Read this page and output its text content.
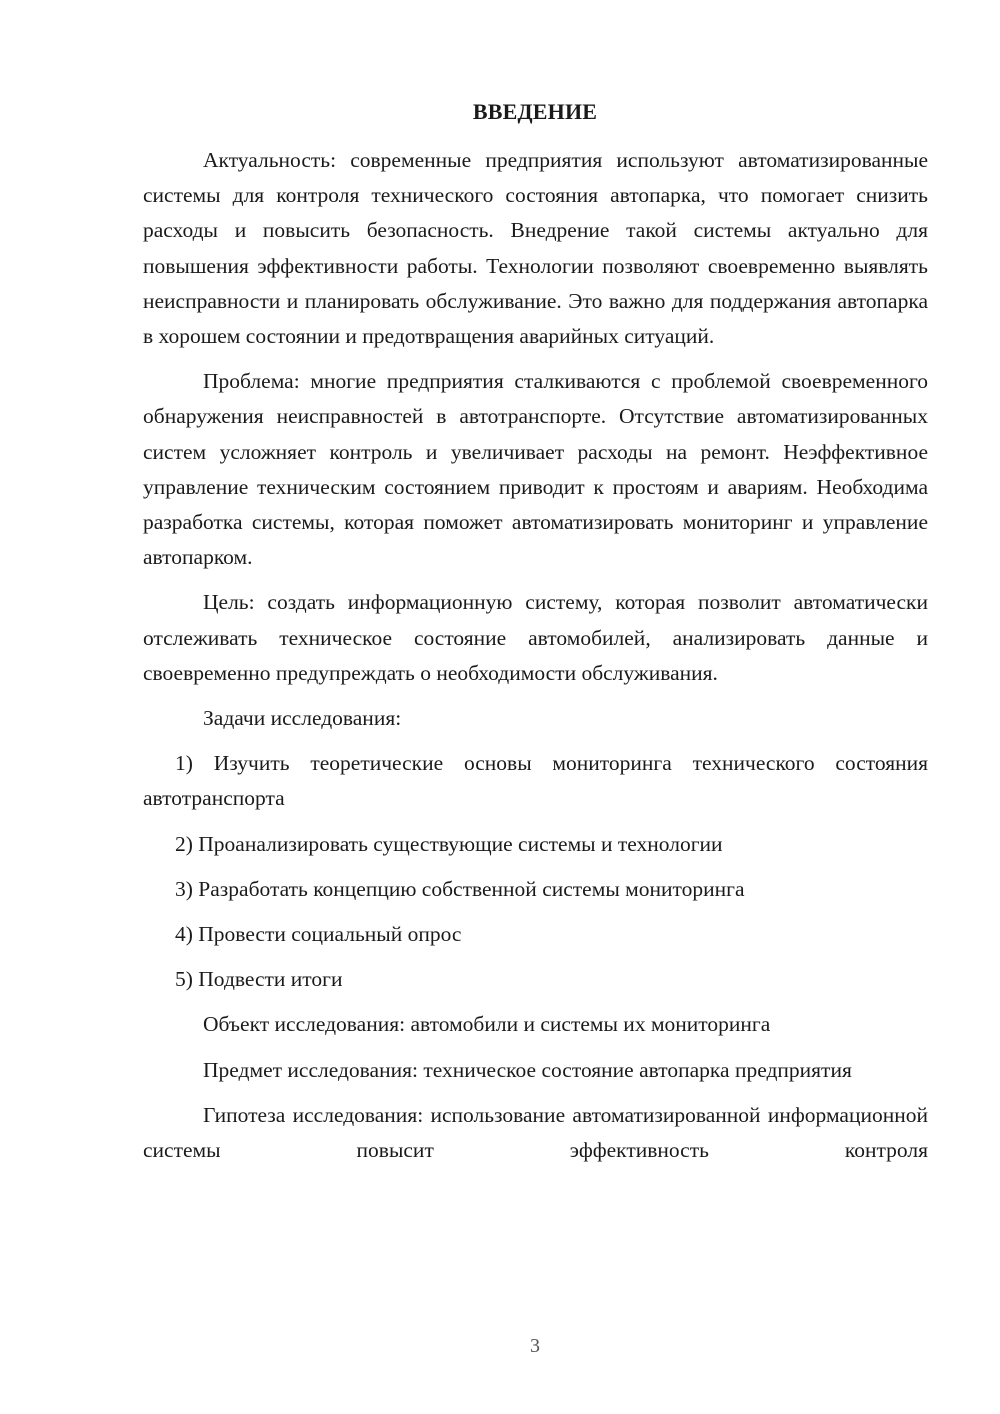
ВВЕДЕНИЕ

Актуальность: современные предприятия используют автоматизированные системы для контроля технического состояния автопарка, что помогает снизить расходы и повысить безопасность. Внедрение такой системы актуально для повышения эффективности работы. Технологии позволяют своевременно выявлять неисправности и планировать обслуживание. Это важно для поддержания автопарка в хорошем состоянии и предотвращения аварийных ситуаций.

Проблема: многие предприятия сталкиваются с проблемой своевременного обнаружения неисправностей в автотранспорте. Отсутствие автоматизированных систем усложняет контроль и увеличивает расходы на ремонт. Неэффективное управление техническим состоянием приводит к простоям и авариям. Необходима разработка системы, которая поможет автоматизировать мониторинг и управление автопарком.

Цель: создать информационную систему, которая позволит автоматически отслеживать техническое состояние автомобилей, анализировать данные и своевременно предупреждать о необходимости обслуживания.

Задачи исследования:

1) Изучить теоретические основы мониторинга технического состояния автотранспорта

2) Проанализировать существующие системы и технологии

3) Разработать концепцию собственной системы мониторинга

4) Провести социальный опрос

5) Подвести итоги

Объект исследования: автомобили и системы их мониторинга

Предмет исследования: техническое состояние автопарка предприятия

Гипотеза исследования: использование автоматизированной информационной системы повысит эффективность контроля

3
